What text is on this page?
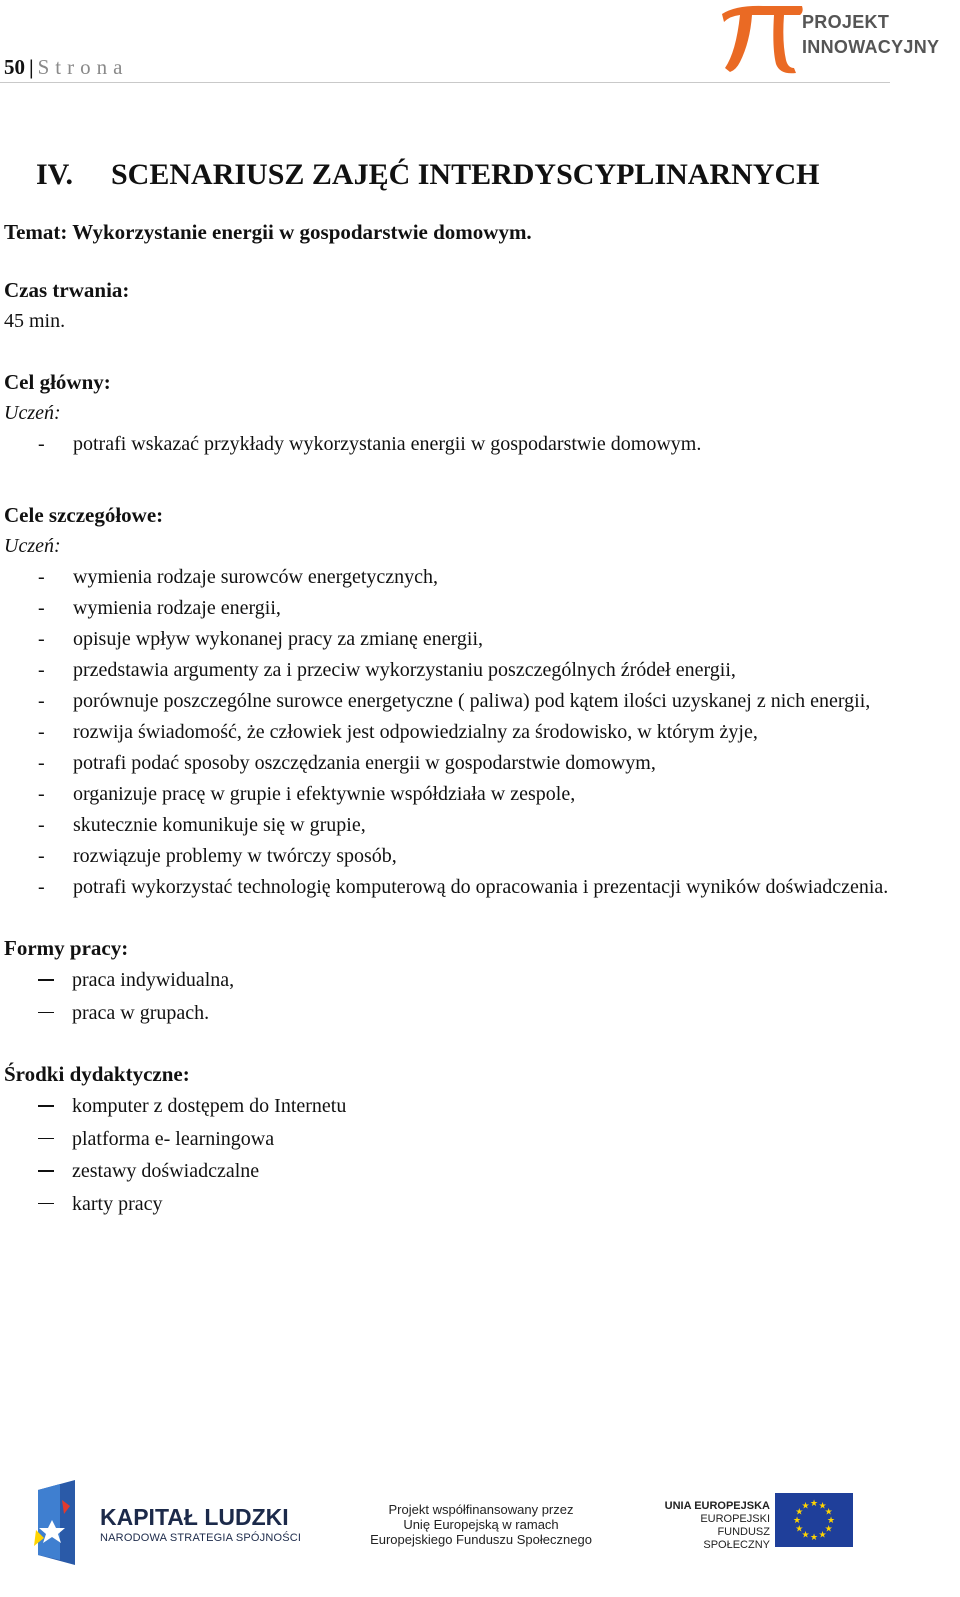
50 | Strona
PROJEKT
INNOWACYJNY
IV. SCENARIUSZ ZAJĘĆ INTERDYSCYPLINARNYCH

Temat: Wykorzystanie energii w gospodarstwie domowym.

Czas trwania:

45 min.

Cel główny:

Uczeń:

- potrafi wskazać przykłady wykorzystania energii w gospodarstwie domowym.

Cele szczegółowe:

Uczeń:

- wymienia rodzaje surowców energetycznych,
- wymienia rodzaje energii,
- opisuje wpływ wykonanej pracy za zmianę energii,
- przedstawia argumenty za i przeciw wykorzystaniu poszczególnych źródeł energii,
- porównuje poszczególne surowce energetyczne ( paliwa) pod kątem ilości uzyskanej z nich energii,
- rozwija świadomość, że człowiek jest odpowiedzialny za środowisko, w którym żyje,
- potrafi podać sposoby oszczędzania energii w gospodarstwie domowym,
- organizuje pracę w grupie i efektywnie współdziała w zespole,
- skutecznie komunikuje się w grupie,
- rozwiązuje problemy w twórczy sposób,
- potrafi wykorzystać technologię komputerową do opracowania i prezentacji wyników doświadczenia.

Formy pracy:

praca indywidualna,
praca w grupach.

Środki dydaktyczne:

komputer z dostępem do Internetu
platforma e- learningowa
zestawy doświadczalne
karty pracy
KAPITAŁ LUDZKI
NARODOWA STRATEGIA SPÓJNOŚCI
Projekt współfinansowany przez
Unię Europejską w ramach
Europejskiego Funduszu Społecznego
UNIA EUROPEJSKA
EUROPEJSKI
FUNDUSZ SPOŁECZNY
★
★
★
★
★
★
★
★
★ ★ ★
★
